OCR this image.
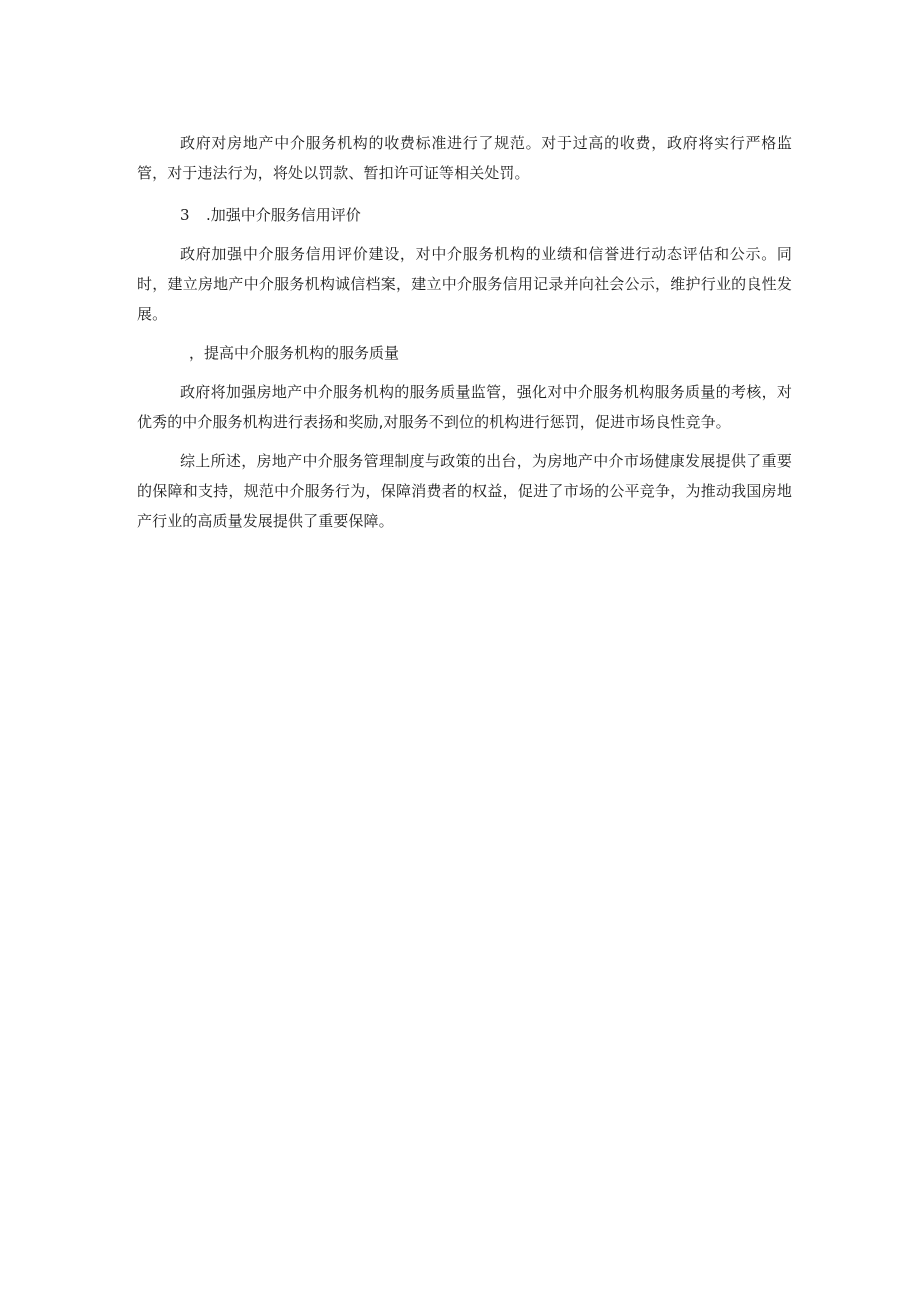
政府对房地产中介服务机构的收费标准进行了规范。对于过高的收费，政府将实行严格监管，对于违法行为，将处以罚款、暂扣许可证等相关处罚。

3 .加强中介服务信用评价

政府加强中介服务信用评价建设，对中介服务机构的业绩和信誉进行动态评估和公示。同时，建立房地产中介服务机构诚信档案，建立中介服务信用记录并向社会公示，维护行业的良性发展。

，提高中介服务机构的服务质量

政府将加强房地产中介服务机构的服务质量监管，强化对中介服务机构服务质量的考核，对优秀的中介服务机构进行表扬和奖励,对服务不到位的机构进行惩罚，促进市场良性竞争。

综上所述，房地产中介服务管理制度与政策的出台，为房地产中介市场健康发展提供了重要的保障和支持，规范中介服务行为，保障消费者的权益，促进了市场的公平竞争，为推动我国房地产行业的高质量发展提供了重要保障。
